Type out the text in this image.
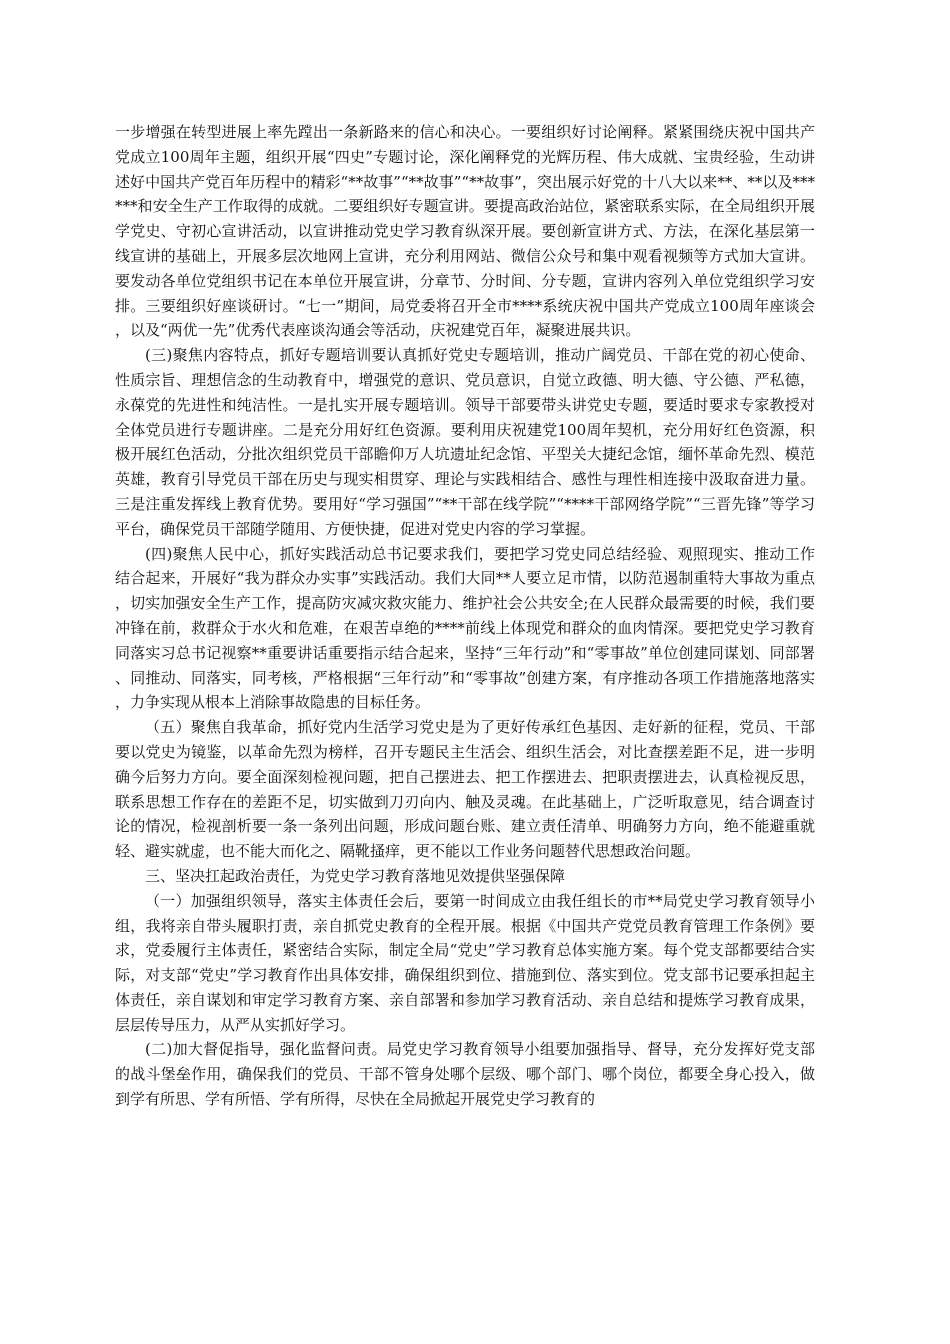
一步增强在转型进展上率先蹚出一条新路来的信心和决心。一要组织好讨论阐释。紧紧围绕庆祝中国共产党成立100周年主题，组织开展“四史”专题讨论，深化阐释党的光辉历程、伟大成就、宝贵经验，生动讲述好中国共产党百年历程中的精彩“**故事”“**故事”“**故事”，突出展示好党的十八大以来**、**以及******和安全生产工作取得的成就。二要组织好专题宣讲。要提高政治站位，紧密联系实际，在全局组织开展学党史、守初心宣讲活动，以宣讲推动党史学习教育纵深开展。要创新宣讲方式、方法，在深化基层第一线宣讲的基础上，开展多层次地网上宣讲，充分利用网站、微信公众号和集中观看视频等方式加大宣讲。要发动各单位党组织书记在本单位开展宣讲，分章节、分时间、分专题，宣讲内容列入单位党组织学习安排。三要组织好座谈研讨。“七一”期间，局党委将召开全市****系统庆祝中国共产党成立100周年座谈会，以及“两优一先”优秀代表座谈沟通会等活动，庆祝建党百年，凝聚进展共识。

(三)聚焦内容特点，抓好专题培训要认真抓好党史专题培训，推动广阔党员、干部在党的初心使命、性质宗旨、理想信念的生动教育中，增强党的意识、党员意识，自觉立政德、明大德、守公德、严私德，永葆党的先进性和纯洁性。一是扎实开展专题培训。领导干部要带头讲党史专题，要适时要求专家教授对全体党员进行专题讲座。二是充分用好红色资源。要利用庆祝建党100周年契机，充分用好红色资源，积极开展红色活动，分批次组织党员干部瞻仰万人坑遗址纪念馆、平型关大捷纪念馆，缅怀革命先烈、模范英雄，教育引导党员干部在历史与现实相贯穿、理论与实践相结合、感性与理性相连接中汲取奋进力量。三是注重发挥线上教育优势。要用好“学习强国”“**干部在线学院”“****干部网络学院”“三晋先锋”等学习平台，确保党员干部随学随用、方便快捷，促进对党史内容的学习掌握。

(四)聚焦人民中心，抓好实践活动总书记要求我们，要把学习党史同总结经验、观照现实、推动工作结合起来，开展好“我为群众办实事”实践活动。我们大同**人要立足市情，以防范遏制重特大事故为重点，切实加强安全生产工作，提高防灾减灾救灾能力、维护社会公共安全;在人民群众最需要的时候，我们要冲锋在前，救群众于水火和危难，在艰苦卓绝的****前线上体现党和群众的血肉情深。要把党史学习教育同落实习总书记视察**重要讲话重要指示结合起来，坚持“三年行动”和“零事故”单位创建同谋划、同部署、同推动、同落实，同考核，严格根据“三年行动”和“零事故”创建方案，有序推动各项工作措施落地落实，力争实现从根本上消除事故隐患的目标任务。

（五）聚焦自我革命，抓好党内生活学习党史是为了更好传承红色基因、走好新的征程，党员、干部要以党史为镜鉴，以革命先烈为榜样，召开专题民主生活会、组织生活会，对比查摆差距不足，进一步明确今后努力方向。要全面深刻检视问题，把自己摆进去、把工作摆进去、把职责摆进去，认真检视反思，联系思想工作存在的差距不足，切实做到刀刃向内、触及灵魂。在此基础上，广泛听取意见，结合调查讨论的情况，检视剖析要一条一条列出问题，形成问题台账、建立责任清单、明确努力方向，绝不能避重就轻、避实就虚，也不能大而化之、隔靴搔痒，更不能以工作业务问题替代思想政治问题。

三、坚决扛起政治责任，为党史学习教育落地见效提供坚强保障

（一）加强组织领导，落实主体责任会后，要第一时间成立由我任组长的市**局党史学习教育领导小组，我将亲自带头履职打责，亲自抓党史教育的全程开展。根据《中国共产党党员教育管理工作条例》要求，党委履行主体责任，紧密结合实际，制定全局“党史”学习教育总体实施方案。每个党支部都要结合实际，对支部“党史”学习教育作出具体安排，确保组织到位、措施到位、落实到位。党支部书记要承担起主体责任，亲自谋划和审定学习教育方案、亲自部署和参加学习教育活动、亲自总结和提炼学习教育成果，层层传导压力，从严从实抓好学习。

(二)加大督促指导，强化监督问责。局党史学习教育领导小组要加强指导、督导，充分发挥好党支部的战斗堡垒作用，确保我们的党员、干部不管身处哪个层级、哪个部门、哪个岗位，都要全身心投入，做到学有所思、学有所悟、学有所得，尽快在全局掀起开展党史学习教育的
